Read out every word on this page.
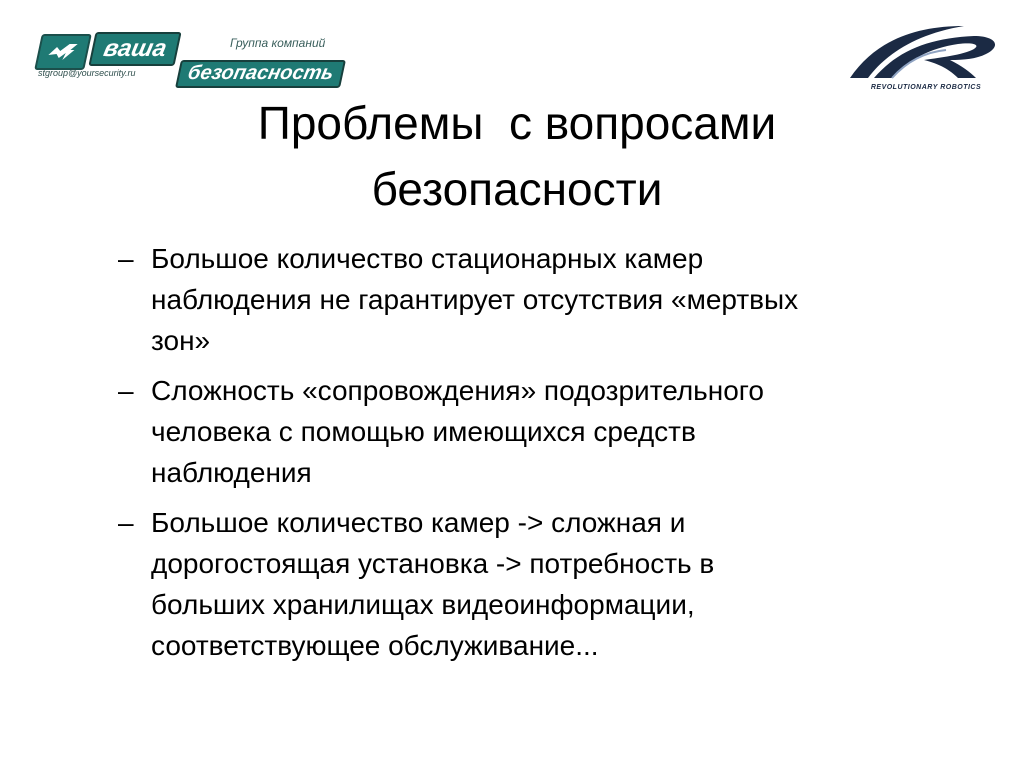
ваша	Группа компаний
безопасность
stgroup@yoursecurity.ru
REVOLUTIONARY ROBOTICS
Проблемы  с вопросами
безопасности
– Большое количество стационарных камер
наблюдения не гарантирует отсутствия «мертвых
зон»
– Сложность «сопровождения» подозрительного
человека с помощью имеющихся средств
наблюдения
– Большое количество камер -> сложная и
дорогостоящая установка -> потребность в
больших хранилищах видеоинформации,
соответствующее обслуживание...
